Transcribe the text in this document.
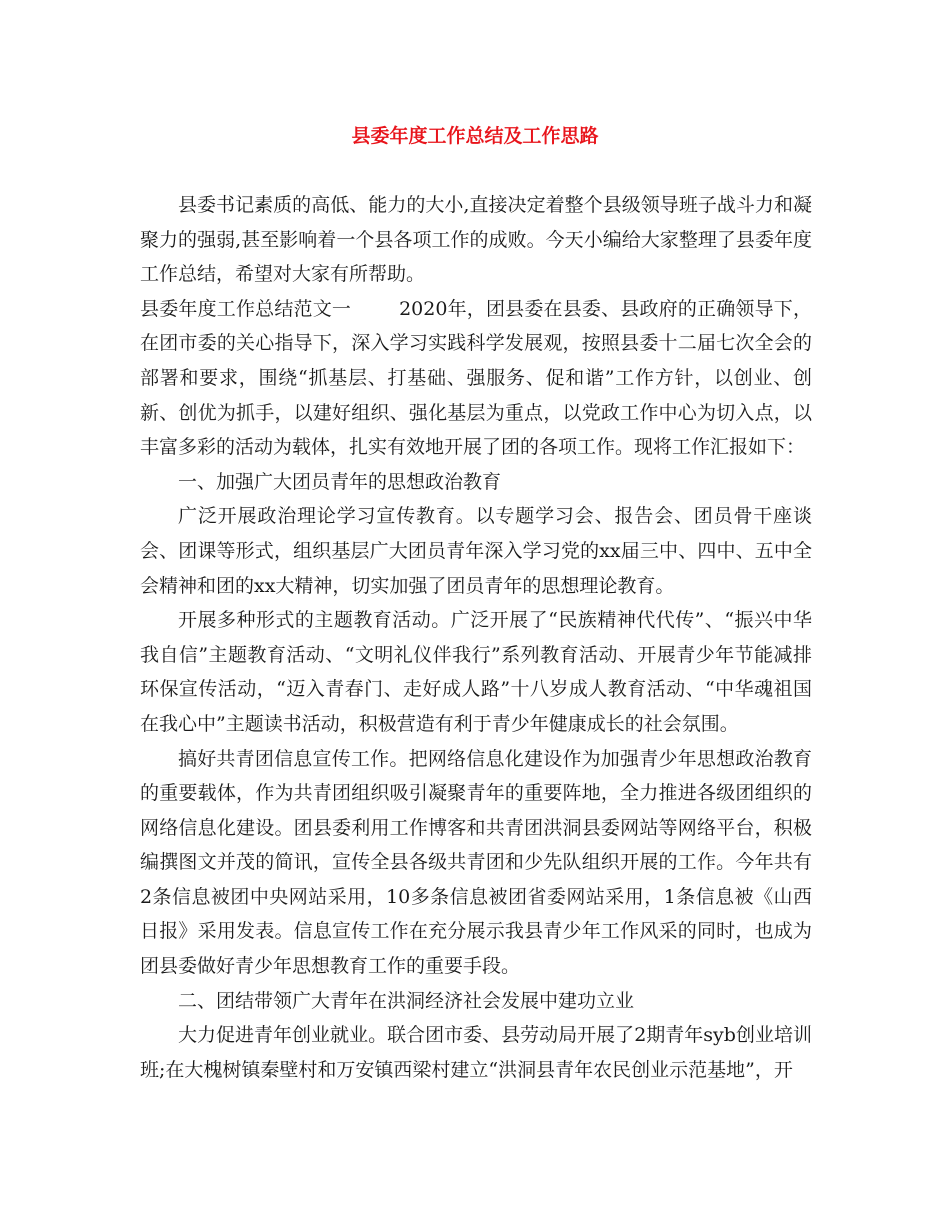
县委年度工作总结及工作思路

县委书记素质的高低、能力的大小,直接决定着整个县级领导班子战斗力和凝聚力的强弱,甚至影响着一个县各项工作的成败。今天小编给大家整理了县委年度工作总结，希望对大家有所帮助。

县委年度工作总结范文一	2020年，团县委在县委、县政府的正确领导下，在团市委的关心指导下，深入学习实践科学发展观，按照县委十二届七次全会的部署和要求，围绕“抓基层、打基础、强服务、促和谐”工作方针，以创业、创新、创优为抓手，以建好组织、强化基层为重点，以党政工作中心为切入点，以丰富多彩的活动为载体，扎实有效地开展了团的各项工作。现将工作汇报如下：

一、加强广大团员青年的思想政治教育

广泛开展政治理论学习宣传教育。以专题学习会、报告会、团员骨干座谈会、团课等形式，组织基层广大团员青年深入学习党的xx届三中、四中、五中全会精神和团的xx大精神，切实加强了团员青年的思想理论教育。

开展多种形式的主题教育活动。广泛开展了“民族精神代代传”、“振兴中华我自信”主题教育活动、“文明礼仪伴我行”系列教育活动、开展青少年节能减排环保宣传活动，“迈入青春门、走好成人路”十八岁成人教育活动、“中华魂祖国在我心中”主题读书活动，积极营造有利于青少年健康成长的社会氛围。

搞好共青团信息宣传工作。把网络信息化建设作为加强青少年思想政治教育的重要载体，作为共青团组织吸引凝聚青年的重要阵地，全力推进各级团组织的网络信息化建设。团县委利用工作博客和共青团洪洞县委网站等网络平台，积极编撰图文并茂的简讯，宣传全县各级共青团和少先队组织开展的工作。今年共有2条信息被团中央网站采用，10多条信息被团省委网站采用，1条信息被《山西日报》采用发表。信息宣传工作在充分展示我县青少年工作风采的同时，也成为团县委做好青少年思想教育工作的重要手段。

二、团结带领广大青年在洪洞经济社会发展中建功立业

大力促进青年创业就业。联合团市委、县劳动局开展了2期青年syb创业培训班;在大槐树镇秦壁村和万安镇西梁村建立“洪洞县青年农民创业示范基地”，开
